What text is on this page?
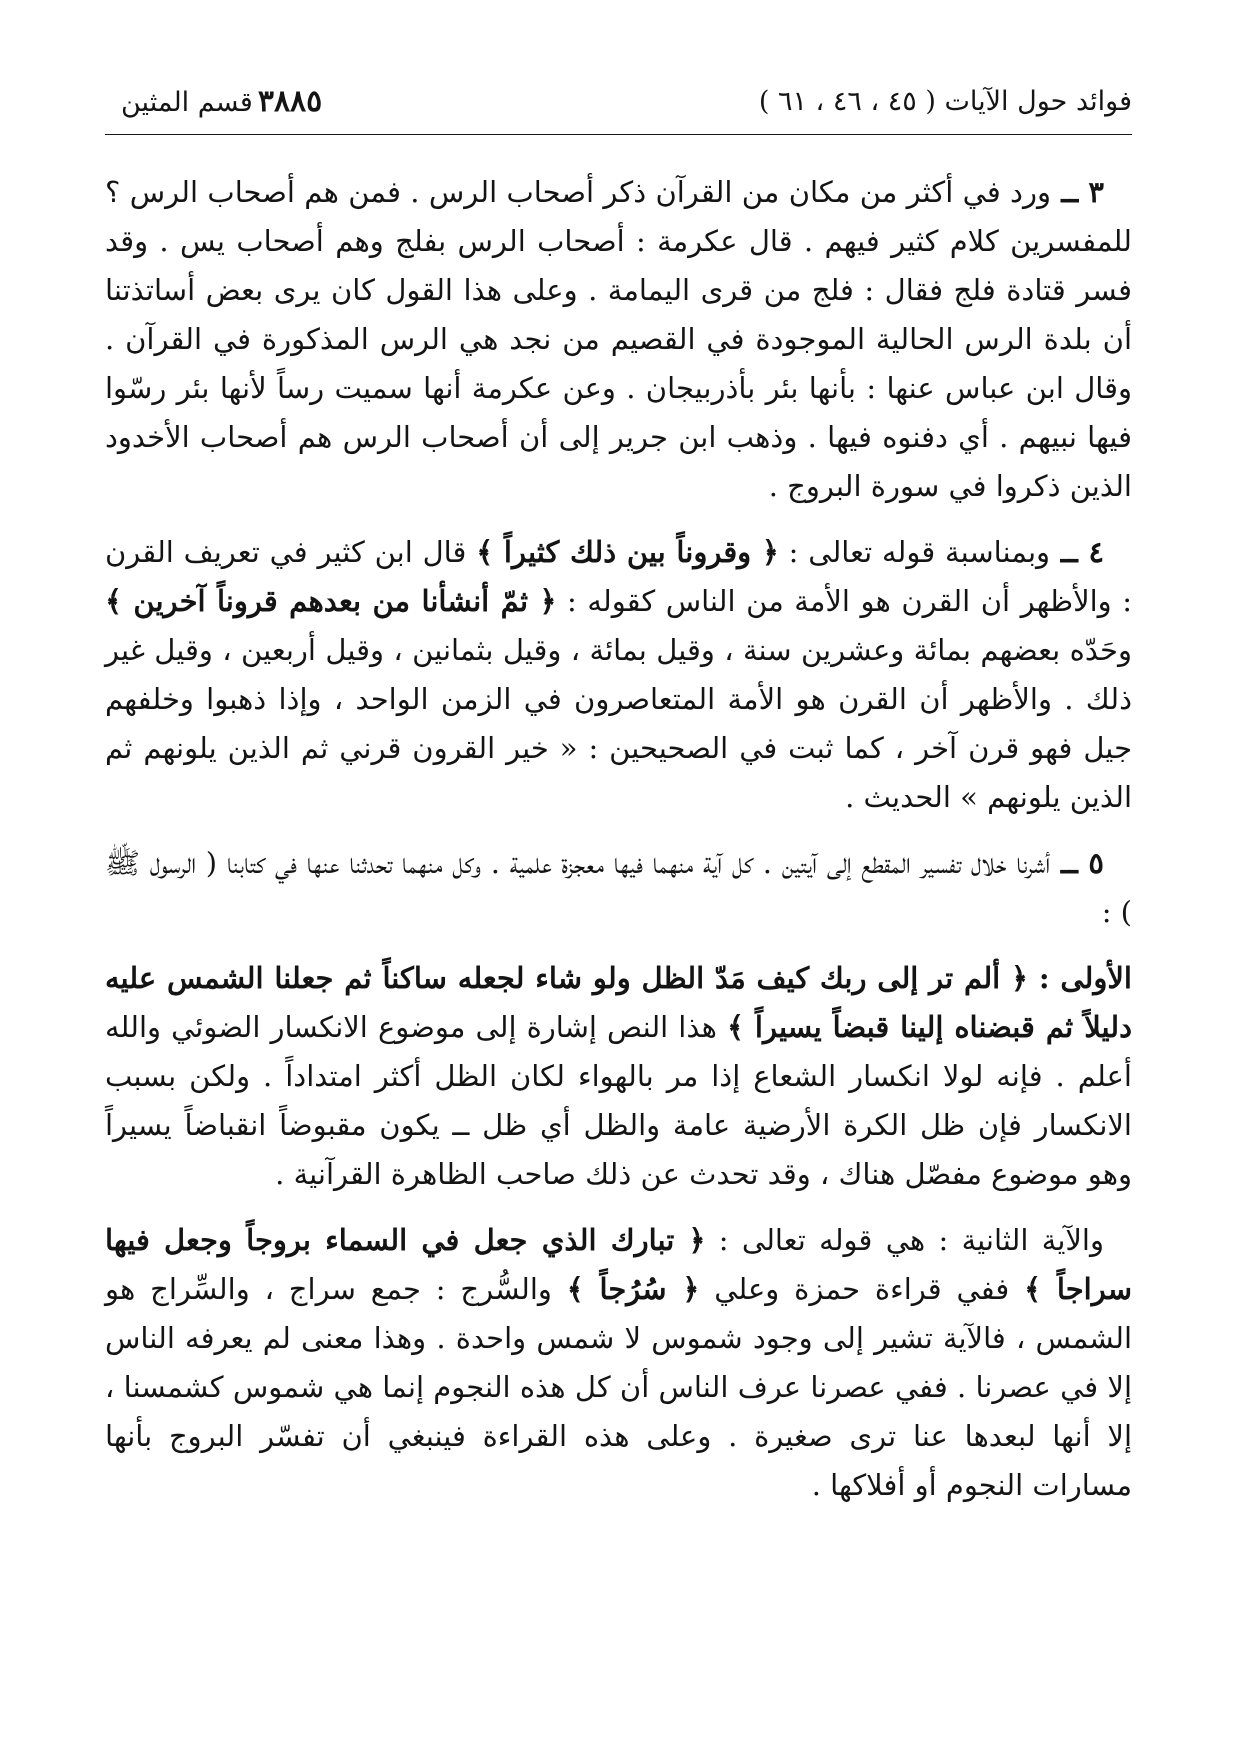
فوائد حول الآيات ( ٤٥ ، ٤٦ ، ٦١ )
٣٨٨٥ قسم المثين

٣ ــ ورد في أكثر من مكان من القرآن ذكر أصحاب الرس . فمن هم أصحاب الرس ؟ للمفسرين كلام كثير فيهم . قال عكرمة : أصحاب الرس بفلج وهم أصحاب يس . وقد فسر قتادة فلج فقال : فلج من قرى اليمامة . وعلى هذا القول كان يرى بعض أساتذتنا أن بلدة الرس الحالية الموجودة في القصيم من نجد هي الرس المذكورة في القرآن . وقال ابن عباس عنها : بأنها بئر بأذربيجان . وعن عكرمة أنها سميت رساً لأنها بئر رسّوا فيها نبيهم . أي دفنوه فيها . وذهب ابن جرير إلى أن أصحاب الرس هم أصحاب الأخدود الذين ذكروا في سورة البروج .

٤ ــ وبمناسبة قوله تعالى : ﴿ وقروناً بين ذلك كثيراً ﴾ قال ابن كثير في تعريف القرن : والأظهر أن القرن هو الأمة من الناس كقوله : ﴿ ثمّ أنشأنا من بعدهم قروناً آخرين ﴾ وحَدّه بعضهم بمائة وعشرين سنة ، وقيل بمائة ، وقيل بثمانين ، وقيل أربعين ، وقيل غير ذلك . والأظهر أن القرن هو الأمة المتعاصرون في الزمن الواحد ، وإذا ذهبوا وخلفهم جيل فهو قرن آخر ، كما ثبت في الصحيحين : « خير القرون قرني ثم الذين يلونهم ثم الذين يلونهم » الحديث .

٥ ــ أشرنا خلال تفسير المقطع إلى آيتين . كل آية منهما فيها معجزة علمية . وكل منهما تحدثنا عنها في كتابنا ( الرسول ﷺ ) :

الأولى : ﴿ ألم تر إلى ربك كيف مَدّ الظل ولو شاء لجعله ساكناً ثم جعلنا الشمس عليه دليلاً ثم قبضناه إلينا قبضاً يسيراً ﴾ هذا النص إشارة إلى موضوع الانكسار الضوئي والله أعلم . فإنه لولا انكسار الشعاع إذا مر بالهواء لكان الظل أكثر امتداداً . ولكن بسبب الانكسار فإن ظل الكرة الأرضية عامة والظل أي ظل ــ يكون مقبوضاً انقباضاً يسيراً وهو موضوع مفصّل هناك ، وقد تحدث عن ذلك صاحب الظاهرة القرآنية .

والآية الثانية : هي قوله تعالى : ﴿ تبارك الذي جعل في السماء بروجاً وجعل فيها سراجاً ﴾ ففي قراءة حمزة وعلي ﴿ سُرُجاً ﴾ والسُّرج : جمع سراج ، والسِّراج هو الشمس ، فالآية تشير إلى وجود شموس لا شمس واحدة . وهذا معنى لم يعرفه الناس إلا في عصرنا . ففي عصرنا عرف الناس أن كل هذه النجوم إنما هي شموس كشمسنا ، إلا أنها لبعدها عنا ترى صغيرة . وعلى هذه القراءة فينبغي أن تفسّر البروج بأنها مسارات النجوم أو أفلاكها .
